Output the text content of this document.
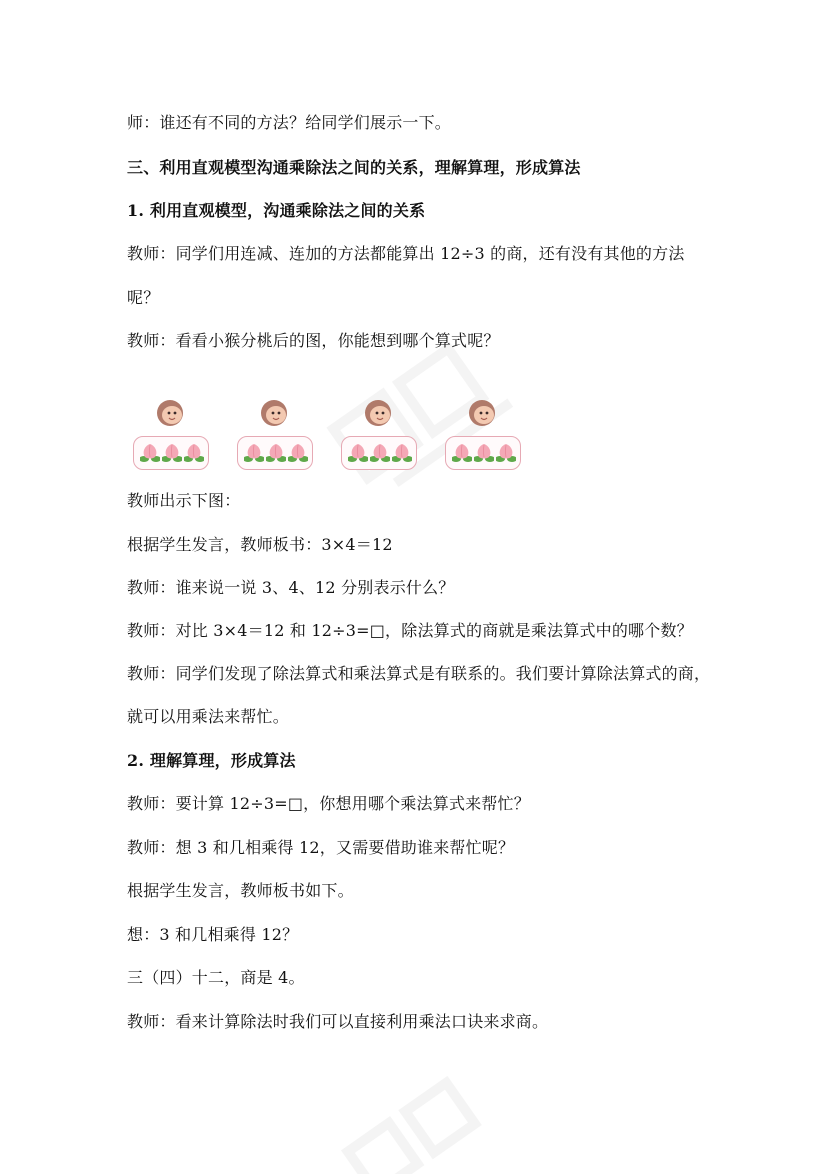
师：谁还有不同的方法？给同学们展示一下。
三、利用直观模型沟通乘除法之间的关系，理解算理，形成算法
1. 利用直观模型，沟通乘除法之间的关系
教师：同学们用连减、连加的方法都能算出 12÷3 的商，还有没有其他的方法
呢？
教师：看看小猴分桃后的图，你能想到哪个算式呢？
教师出示下图：
根据学生发言，教师板书：3×4＝12
教师：谁来说一说 3、4、12 分别表示什么？
教师：对比 3×4＝12 和 12÷3=□，除法算式的商就是乘法算式中的哪个数？
教师：同学们发现了除法算式和乘法算式是有联系的。我们要计算除法算式的商，
就可以用乘法来帮忙。
2. 理解算理，形成算法
教师：要计算 12÷3=□，你想用哪个乘法算式来帮忙？
教师：想 3 和几相乘得 12，又需要借助谁来帮忙呢？
根据学生发言，教师板书如下。
想：3 和几相乘得 12？
三（四）十二，商是 4。
教师：看来计算除法时我们可以直接利用乘法口诀来求商。
